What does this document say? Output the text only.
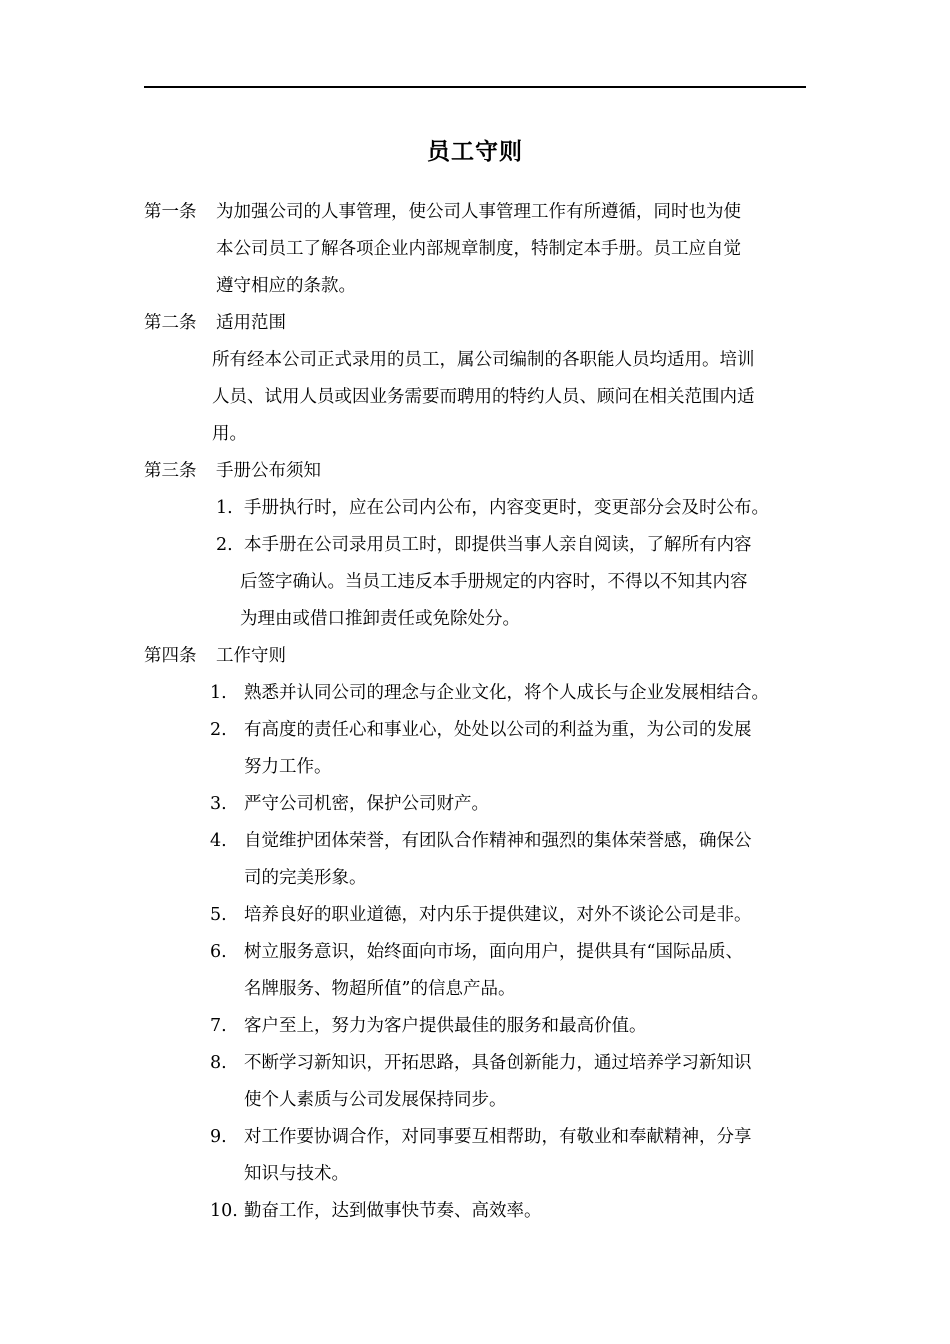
员工守则
第一条	为加强公司的人事管理，使公司人事管理工作有所遵循，同时也为使
本公司员工了解各项企业内部规章制度，特制定本手册。员工应自觉
遵守相应的条款。
第二条	适用范围
所有经本公司正式录用的员工，属公司编制的各职能人员均适用。培训
人员、试用人员或因业务需要而聘用的特约人员、顾问在相关范围内适
用。
第三条	手册公布须知
1. 手册执行时，应在公司内公布，内容变更时，变更部分会及时公布。
2. 本手册在公司录用员工时，即提供当事人亲自阅读，了解所有内容
后签字确认。当员工违反本手册规定的内容时，不得以不知其内容
为理由或借口推卸责任或免除处分。
第四条	工作守则
1. 熟悉并认同公司的理念与企业文化，将个人成长与企业发展相结合。
2. 有高度的责任心和事业心，处处以公司的利益为重，为公司的发展
努力工作。
3. 严守公司机密，保护公司财产。
4. 自觉维护团体荣誉，有团队合作精神和强烈的集体荣誉感，确保公
司的完美形象。
5. 培养良好的职业道德，对内乐于提供建议，对外不谈论公司是非。
6. 树立服务意识，始终面向市场，面向用户，提供具有“国际品质、
名牌服务、物超所值”的信息产品。
7. 客户至上，努力为客户提供最佳的服务和最高价值。
8. 不断学习新知识，开拓思路，具备创新能力，通过培养学习新知识
使个人素质与公司发展保持同步。
9. 对工作要协调合作，对同事要互相帮助，有敬业和奉献精神，分享
知识与技术。
10. 勤奋工作，达到做事快节奏、高效率。
